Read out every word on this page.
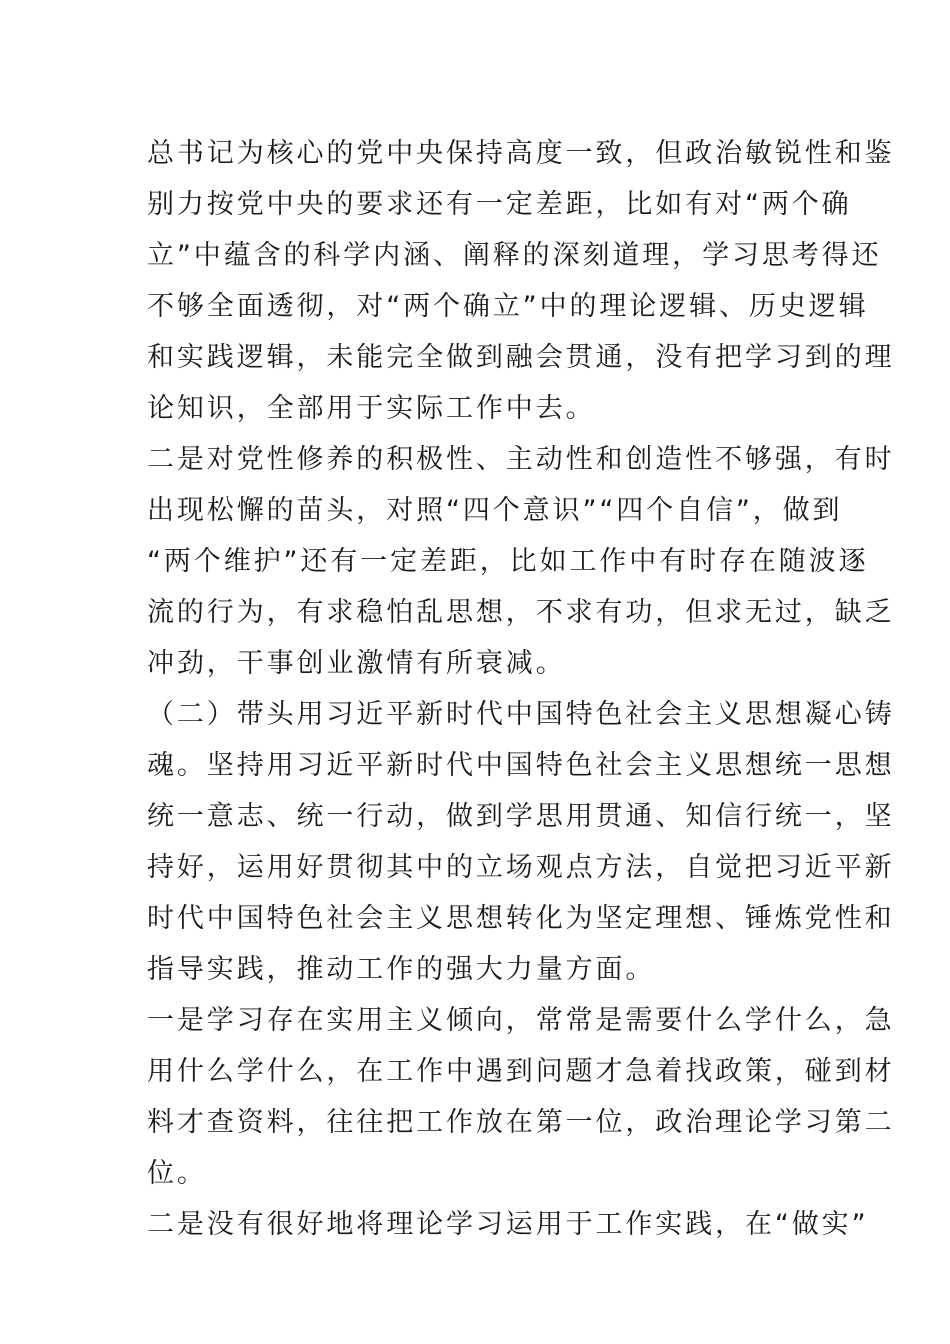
总书记为核心的党中央保持高度一致，但政治敏锐性和鉴
别力按党中央的要求还有一定差距，比如有对“两个确
立”中蕴含的科学内涵、阐释的深刻道理，学习思考得还
不够全面透彻，对“两个确立”中的理论逻辑、历史逻辑
和实践逻辑，未能完全做到融会贯通，没有把学习到的理
论知识，全部用于实际工作中去。
二是对党性修养的积极性、主动性和创造性不够强，有时
出现松懈的苗头，对照“四个意识”“四个自信”，做到
“两个维护”还有一定差距，比如工作中有时存在随波逐
流的行为，有求稳怕乱思想，不求有功，但求无过，缺乏
冲劲，干事创业激情有所衰减。
（二）带头用习近平新时代中国特色社会主义思想凝心铸
魂。坚持用习近平新时代中国特色社会主义思想统一思想
统一意志、统一行动，做到学思用贯通、知信行统一，坚
持好，运用好贯彻其中的立场观点方法，自觉把习近平新
时代中国特色社会主义思想转化为坚定理想、锤炼党性和
指导实践，推动工作的强大力量方面。
一是学习存在实用主义倾向，常常是需要什么学什么，急
用什么学什么，在工作中遇到问题才急着找政策，碰到材
料才查资料，往往把工作放在第一位，政治理论学习第二
位。
二是没有很好地将理论学习运用于工作实践，在“做实”
